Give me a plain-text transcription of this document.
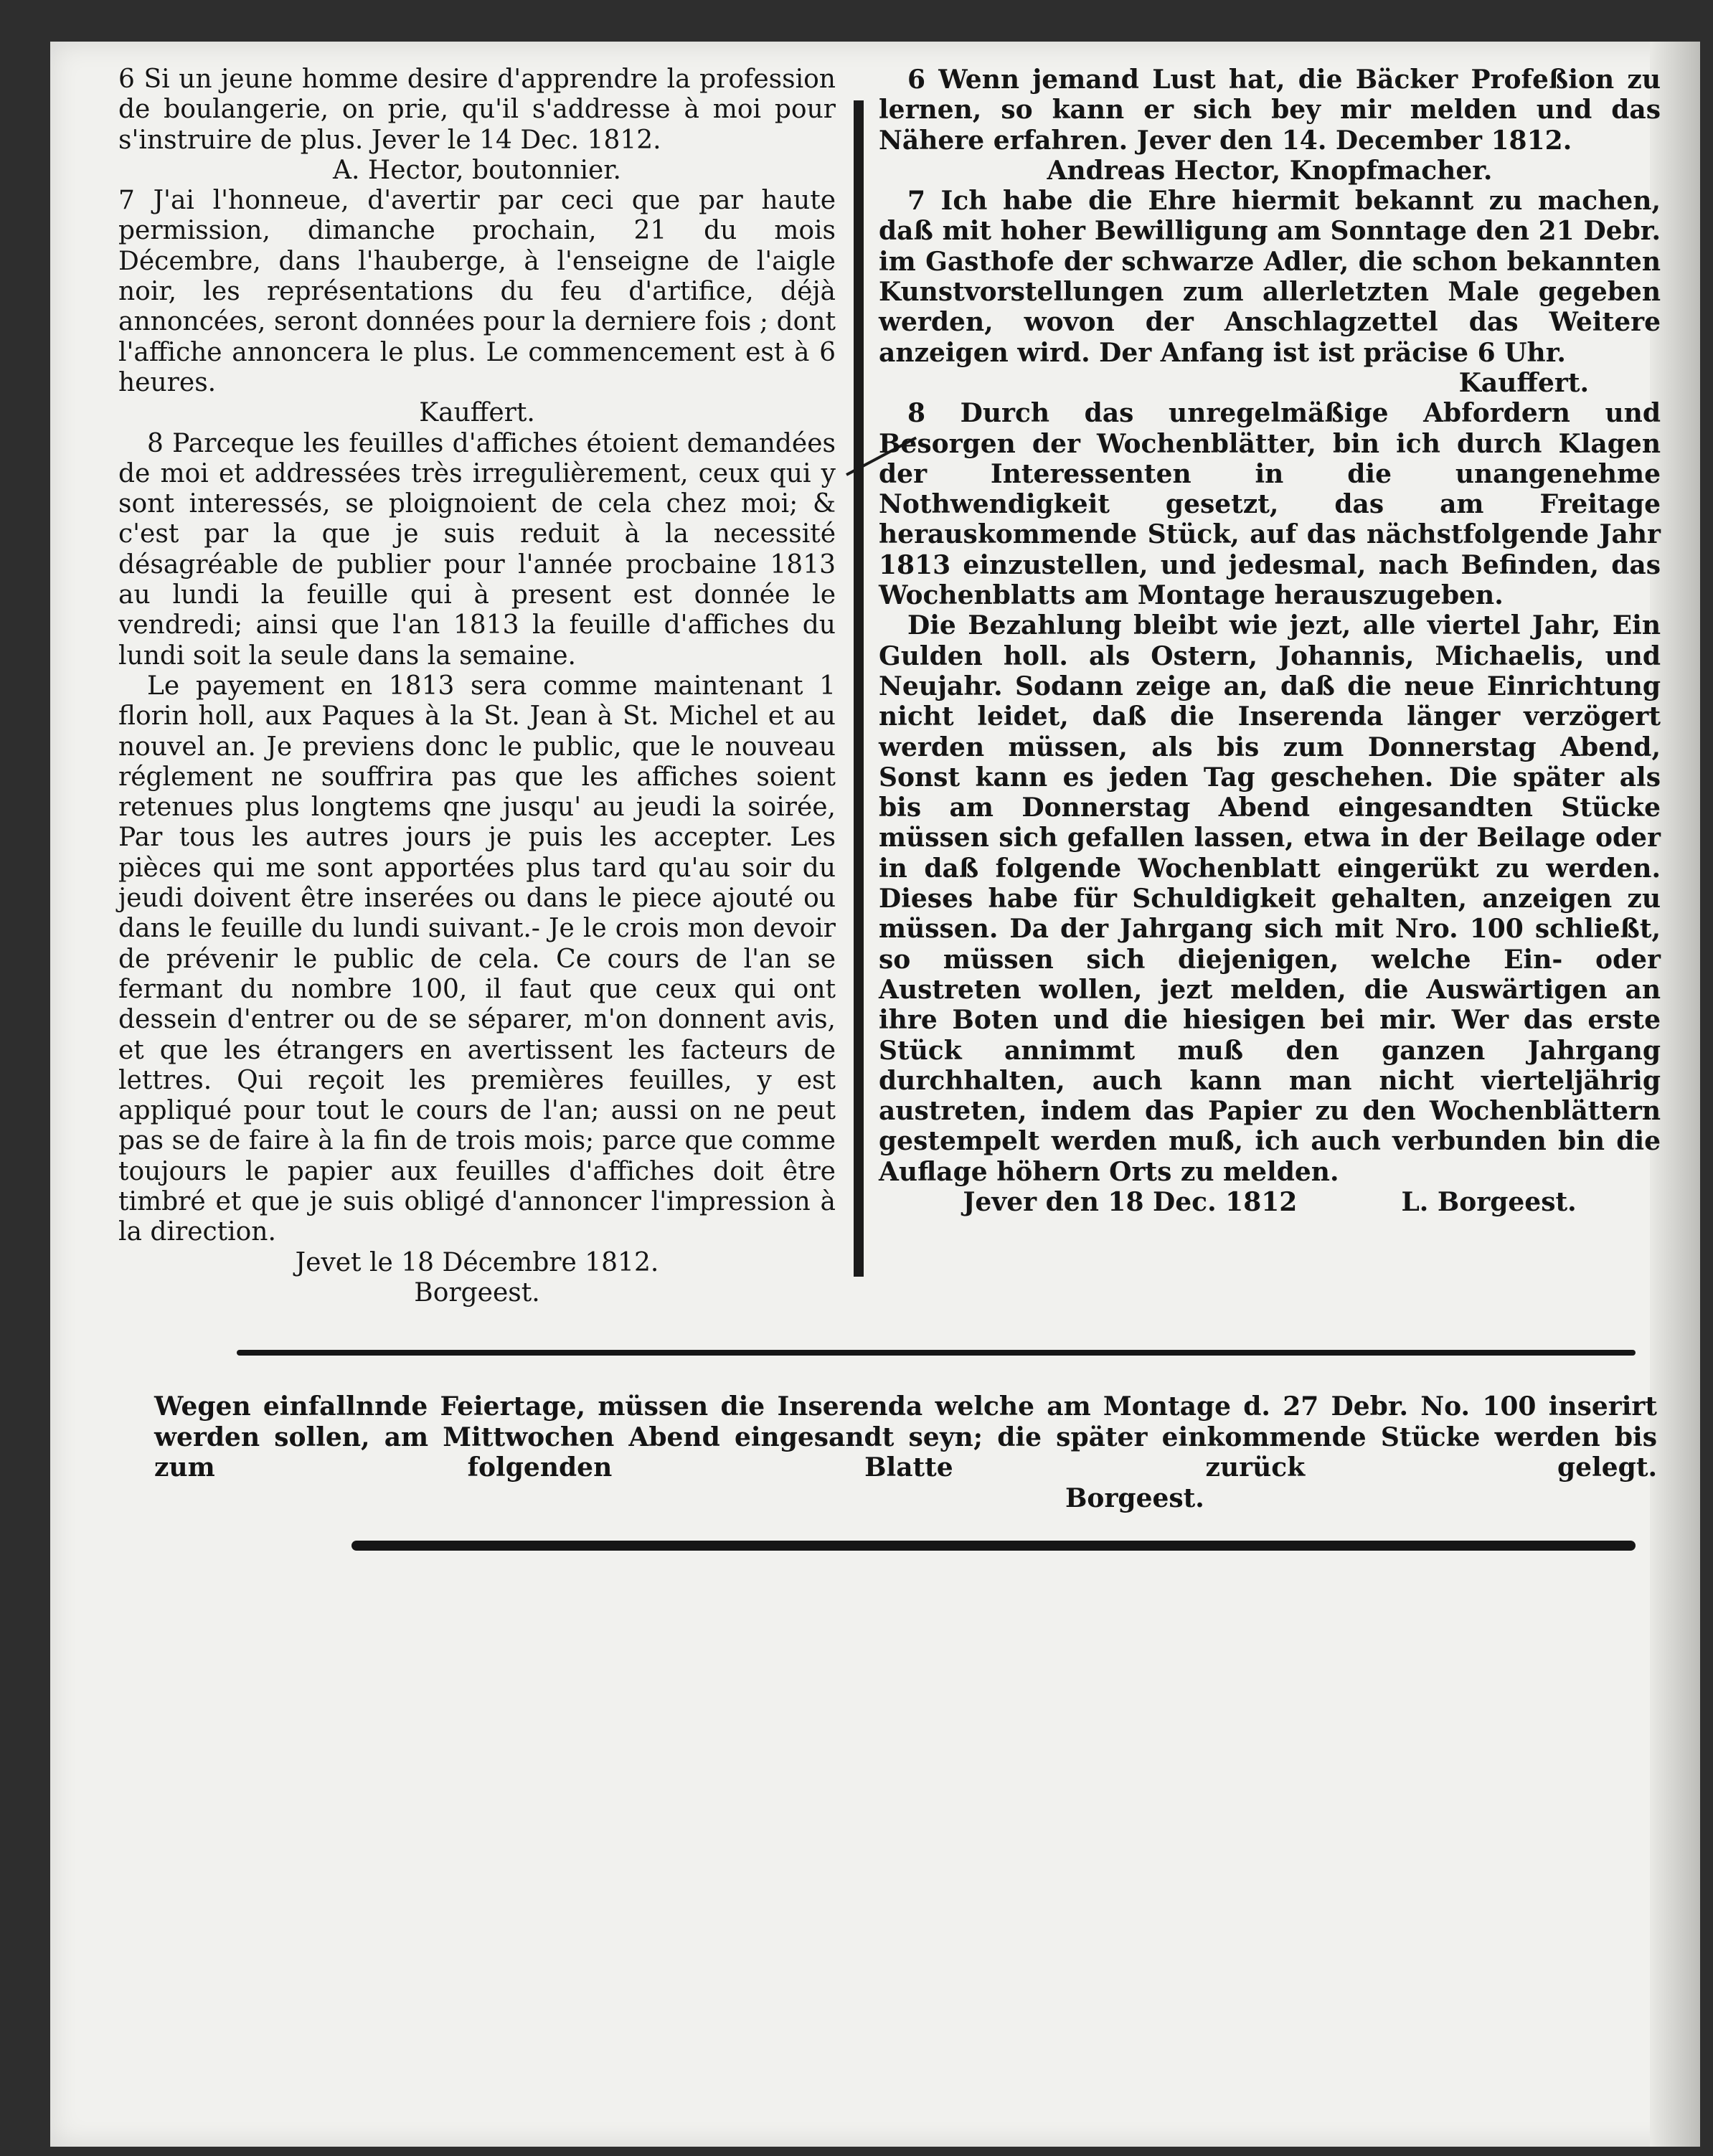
6 Si un jeune homme desire d'apprendre la profession de boulangerie, on prie, qu'il s'addresse à moi pour s'instruire de plus. Jever le 14 Dec. 1812.

A. Hector, boutonnier.

7 J'ai l'honneue, d'avertir par ceci que par haute permission, dimanche prochain, 21 du mois Décembre, dans l'hauberge, à l'enseigne de l'aigle noir, les représentations du feu d'artifice, déjà annoncées, seront données pour la derniere fois ; dont l'affiche annoncera le plus. Le commencement est à 6 heures.

Kauffert.

8 Parceque les feuilles d'affiches étoient demandées de moi et addressées très irregulièrement, ceux qui y sont interessés, se ploignoient de cela chez moi; & c'est par la que je suis reduit à la necessité désagréable de publier pour l'année procbaine 1813 au lundi la feuille qui à present est donnée le vendredi; ainsi que l'an 1813 la feuille d'affiches du lundi soit la seule dans la semaine.

Le payement en 1813 sera comme maintenant 1 florin holl, aux Paques à la St. Jean à St. Michel et au nouvel an. Je previens donc le public, que le nouveau réglement ne souffrira pas que les affiches soient retenues plus longtems qne jusqu' au jeudi la soirée, Par tous les autres jours je puis les accepter. Les pièces qui me sont apportées plus tard qu'au soir du jeudi doivent être inserées ou dans le piece ajouté ou dans le feuille du lundi suivant.- Je le crois mon devoir de prévenir le public de cela. Ce cours de l'an se fermant du nombre 100, il faut que ceux qui ont dessein d'entrer ou de se séparer, m'on donnent avis, et que les étrangers en avertissent les facteurs de lettres. Qui reçoit les premières feuilles, y est appliqué pour tout le cours de l'an; aussi on ne peut pas se de faire à la fin de trois mois; parce que comme toujours le papier aux feuilles d'affiches doit être timbré et que je suis obligé d'annoncer l'impression à la direction.

Jevet le 18 Décembre 1812.

Borgeest.

6 Wenn jemand Lust hat, die Bäcker Profeßion zu lernen, so kann er sich bey mir melden und das Nähere erfahren. Jever den 14. December 1812.

Andreas Hector, Knopfmacher.

7 Ich habe die Ehre hiermit bekannt zu machen, daß mit hoher Bewilligung am Sonntage den 21 Debr. im Gasthofe der schwarze Adler, die schon bekannten Kunstvorstellungen zum allerletzten Male gegeben werden, wovon der Anschlagzettel das Weitere anzeigen wird. Der Anfang ist ist präcise 6 Uhr.

Kauffert.

8 Durch das unregelmäßige Abfordern und Besorgen der Wochenblätter, bin ich durch Klagen der Interessenten in die unangenehme Nothwendigkeit gesetzt, das am Freitage herauskommende Stück, auf das nächstfolgende Jahr 1813 einzustellen, und jedesmal, nach Befinden, das Wochenblatts am Montage herauszugeben.

Die Bezahlung bleibt wie jezt, alle viertel Jahr, Ein Gulden holl. als Ostern, Johannis, Michaelis, und Neujahr. Sodann zeige an, daß die neue Einrichtung nicht leidet, daß die Inserenda länger verzögert werden müssen, als bis zum Donnerstag Abend, Sonst kann es jeden Tag geschehen. Die später als bis am Donnerstag Abend eingesandten Stücke müssen sich gefallen lassen, etwa in der Beilage oder in daß folgende Wochenblatt eingerükt zu werden. Dieses habe für Schuldigkeit gehalten, anzeigen zu müssen. Da der Jahrgang sich mit Nro. 100 schließt, so müssen sich diejenigen, welche Ein- oder Austreten wollen, jezt melden, die Auswärtigen an ihre Boten und die hiesigen bei mir. Wer das erste Stück annimmt muß den ganzen Jahrgang durchhalten, auch kann man nicht vierteljährig austreten, indem das Papier zu den Wochenblättern gestempelt werden muß, ich auch verbunden bin die Auflage höhern Orts zu melden.

Jever den 18 Dec. 1812	L. Borgeest.

Wegen einfallnnde Feiertage, müssen die Inserenda welche am Montage d. 27 Debr. No. 100 inserirt werden sollen, am Mittwochen Abend eingesandt seyn; die später einkommende Stücke werden bis zum folgenden Blatte zurück gelegt.

Borgeest.
